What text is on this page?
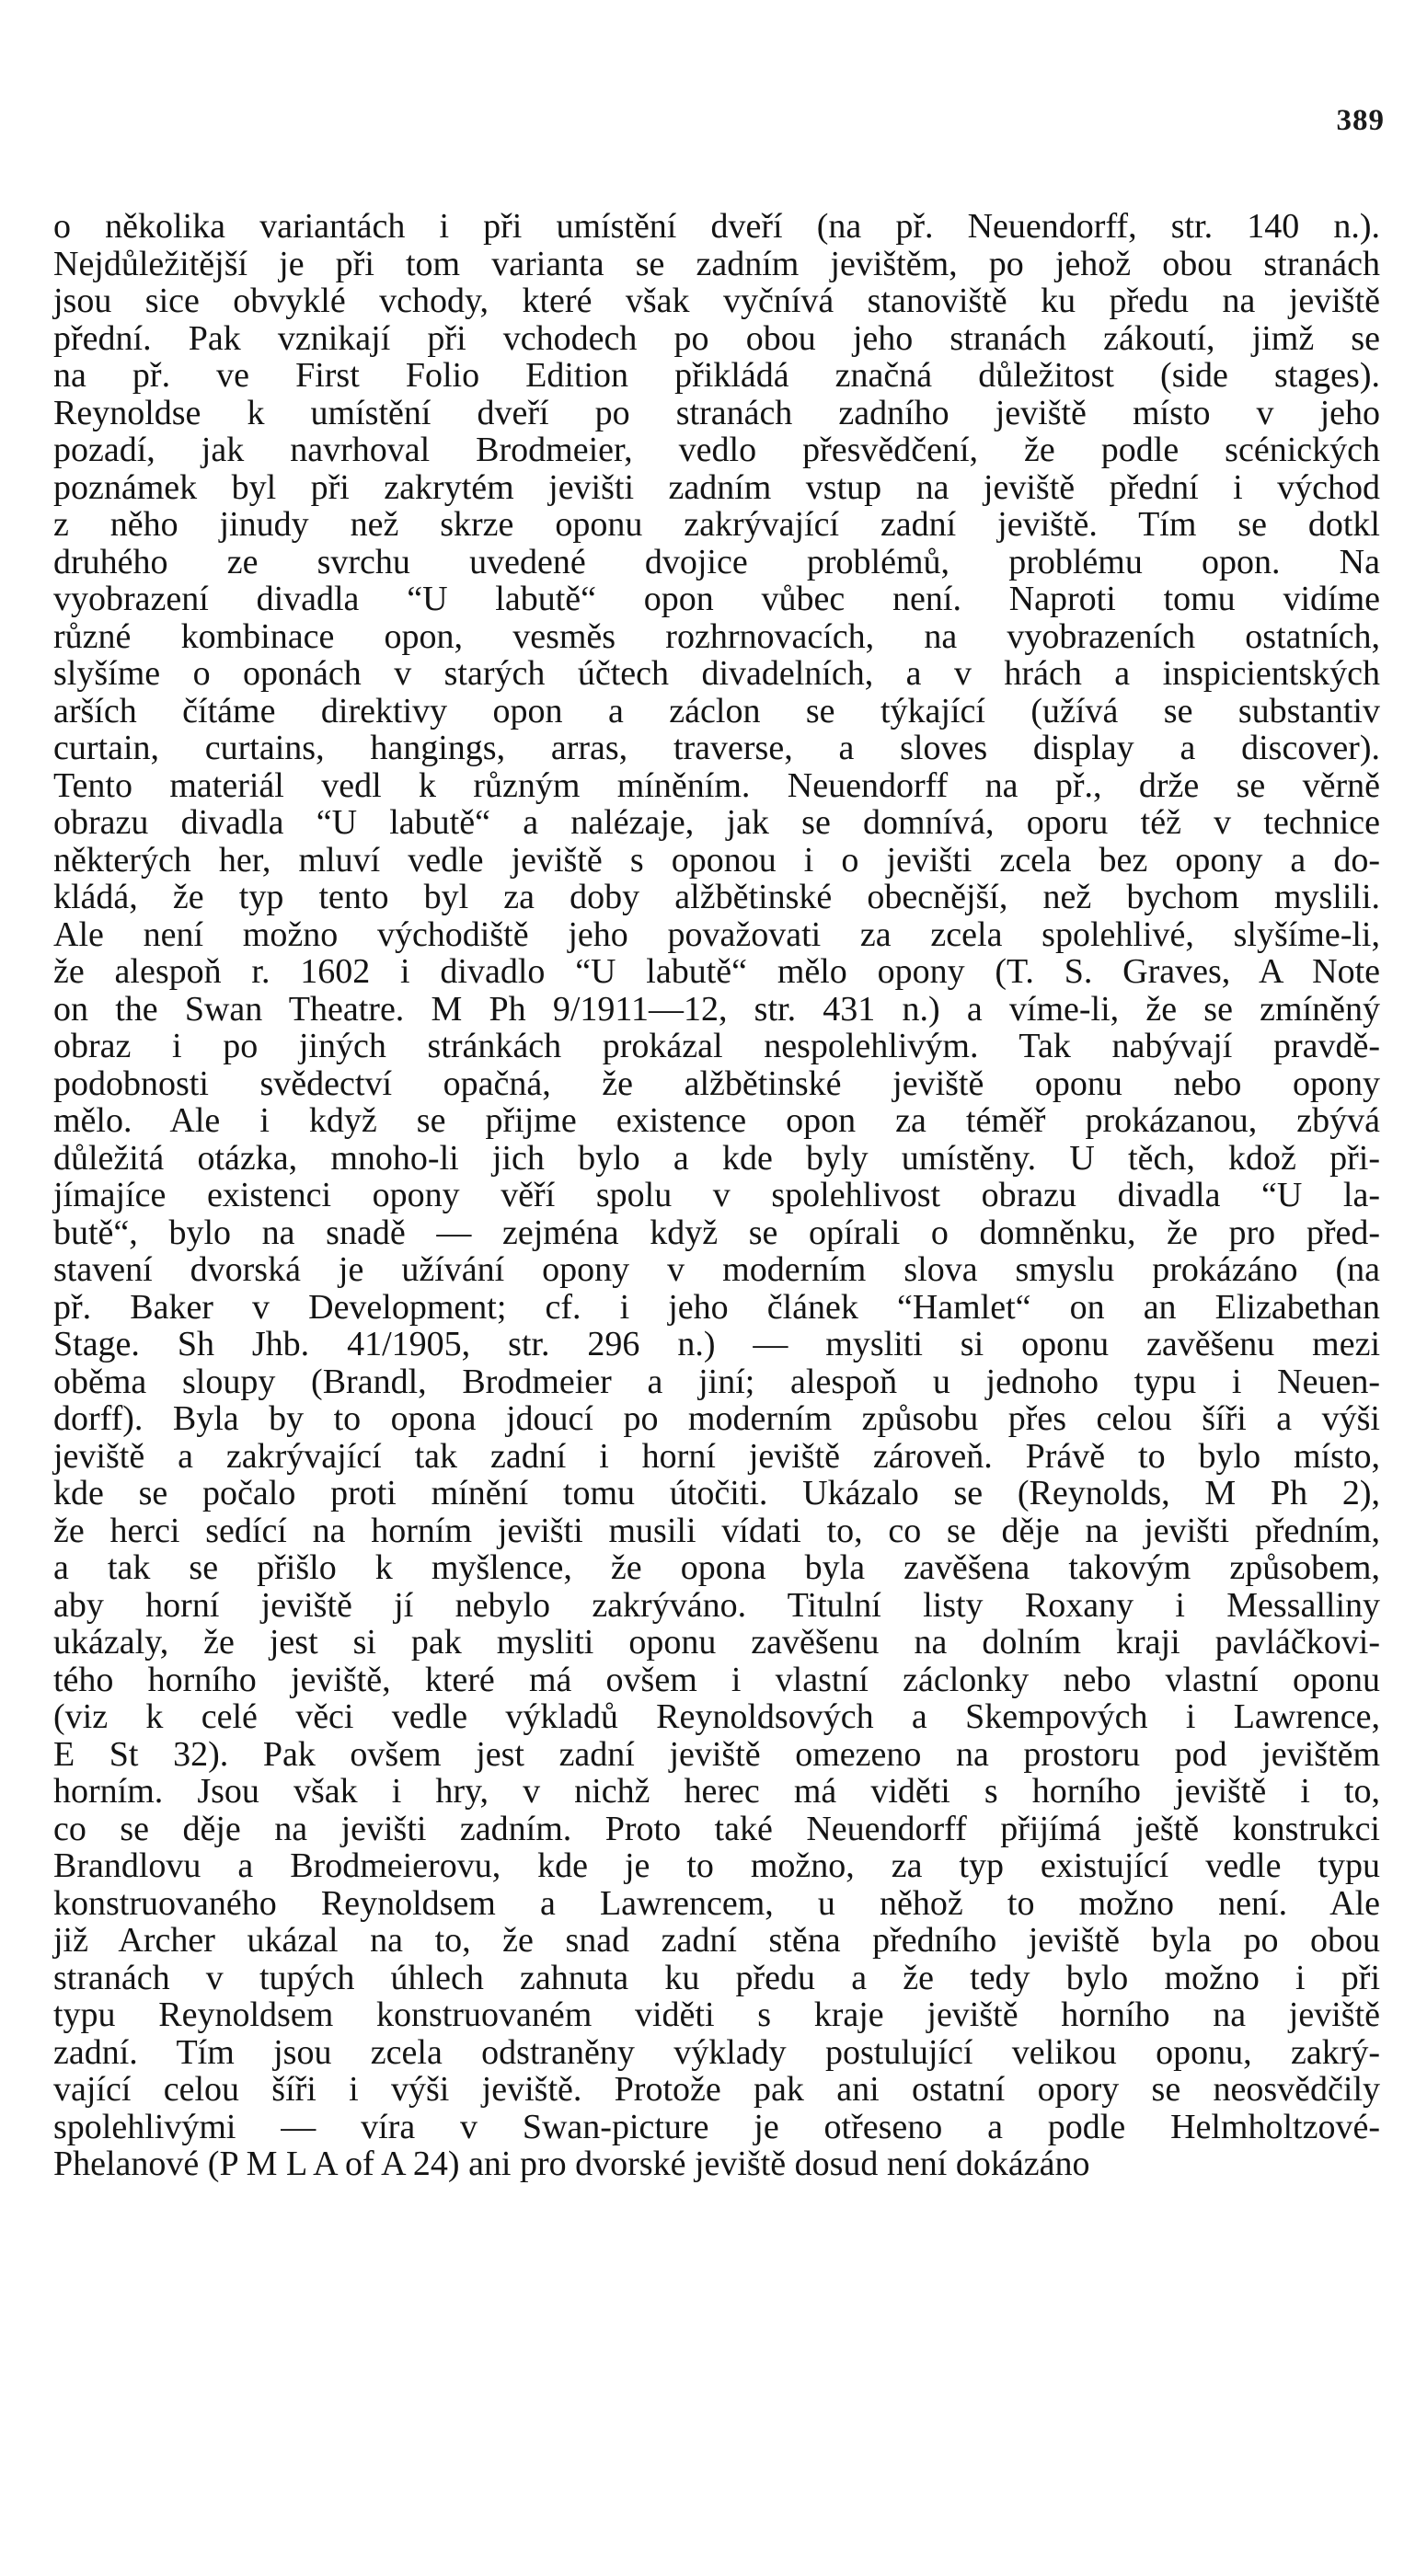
389
o několika variantách i při umístění dveří (na př. Neuendorff, str. 140 n.).
Nejdůležitější je při tom varianta se zadním jevištěm, po jehož obou stranách
jsou sice obvyklé vchody, které však vyčnívá stanoviště ku předu na jeviště
přední. Pak vznikají při vchodech po obou jeho stranách zákoutí, jimž se
na př. ve First Folio Edition přikládá značná důležitost (side stages).
Reynoldse k umístění dveří po stranách zadního jeviště místo v jeho
pozadí, jak navrhoval Brodmeier, vedlo přesvědčení, že podle scénických
poznámek byl při zakrytém jevišti zadním vstup na jeviště přední i východ
z něho jinudy než skrze oponu zakrývající zadní jeviště. Tím se dotkl
druhého ze svrchu uvedené dvojice problémů, problému opon. Na
vyobrazení divadla “U labutě“ opon vůbec není. Naproti tomu vidíme
různé kombinace opon, vesměs rozhrnovacích, na vyobrazeních ostatních,
slyšíme o oponách v starých účtech divadelních, a v hrách a inspicientských
arších čítáme direktivy opon a záclon se týkající (užívá se substantiv
curtain, curtains, hangings, arras, traverse, a sloves display a discover).
Tento materiál vedl k různým míněním. Neuendorff na př., drže se věrně
obrazu divadla “U labutě“ a nalézaje, jak se domnívá, oporu též v technice
některých her, mluví vedle jeviště s oponou i o jevišti zcela bez opony a do-
kládá, že typ tento byl za doby alžbětinské obecnější, než bychom myslili.
Ale není možno východiště jeho považovati za zcela spolehlivé, slyšíme-li,
že alespoň r. 1602 i divadlo “U labutě“ mělo opony (T. S. Graves, A Note
on the Swan Theatre. M Ph 9/1911—12, str. 431 n.) a víme-li, že se zmíněný
obraz i po jiných stránkách prokázal nespolehlivým. Tak nabývají pravdě-
podobnosti svědectví opačná, že alžbětinské jeviště oponu nebo opony
mělo. Ale i když se přijme existence opon za téměř prokázanou, zbývá
důležitá otázka, mnoho-li jich bylo a kde byly umístěny. U těch, kdož při-
jímajíce existenci opony věří spolu v spolehlivost obrazu divadla “U la-
butě“, bylo na snadě — zejména když se opírali o domněnku, že pro před-
stavení dvorská je užívání opony v moderním slova smyslu prokázáno (na
př. Baker v Development; cf. i jeho článek “Hamlet“ on an Elizabethan
Stage. Sh Jhb. 41/1905, str. 296 n.) — mysliti si oponu zavěšenu mezi
oběma sloupy (Brandl, Brodmeier a jiní; alespoň u jednoho typu i Neuen-
dorff). Byla by to opona jdoucí po moderním způsobu přes celou šíři a výši
jeviště a zakrývající tak zadní i horní jeviště zároveň. Právě to bylo místo,
kde se počalo proti mínění tomu útočiti. Ukázalo se (Reynolds, M Ph 2),
že herci sedící na horním jevišti musili vídati to, co se děje na jevišti předním,
a tak se přišlo k myšlence, že opona byla zavěšena takovým způsobem,
aby horní jeviště jí nebylo zakrýváno. Titulní listy Roxany i Messalliny
ukázaly, že jest si pak mysliti oponu zavěšenu na dolním kraji pavláčkovi-
tého horního jeviště, které má ovšem i vlastní záclonky nebo vlastní oponu
(viz k celé věci vedle výkladů Reynoldsových a Skempových i Lawrence,
E St 32). Pak ovšem jest zadní jeviště omezeno na prostoru pod jevištěm
horním. Jsou však i hry, v nichž herec má viděti s horního jeviště i to,
co se děje na jevišti zadním. Proto také Neuendorff přijímá ještě konstrukci
Brandlovu a Brodmeierovu, kde je to možno, za typ existující vedle typu
konstruovaného Reynoldsem a Lawrencem, u něhož to možno není. Ale
již Archer ukázal na to, že snad zadní stěna předního jeviště byla po obou
stranách v tupých úhlech zahnuta ku předu a že tedy bylo možno i při
typu Reynoldsem konstruovaném viděti s kraje jeviště horního na jeviště
zadní. Tím jsou zcela odstraněny výklady postulující velikou oponu, zakrý-
vající celou šíři i výši jeviště. Protože pak ani ostatní opory se neosvědčily
spolehlivými — víra v Swan-picture je otřeseno a podle Helmholtzové-
Phelanové (P M L A of A 24) ani pro dvorské jeviště dosud není dokázáno
